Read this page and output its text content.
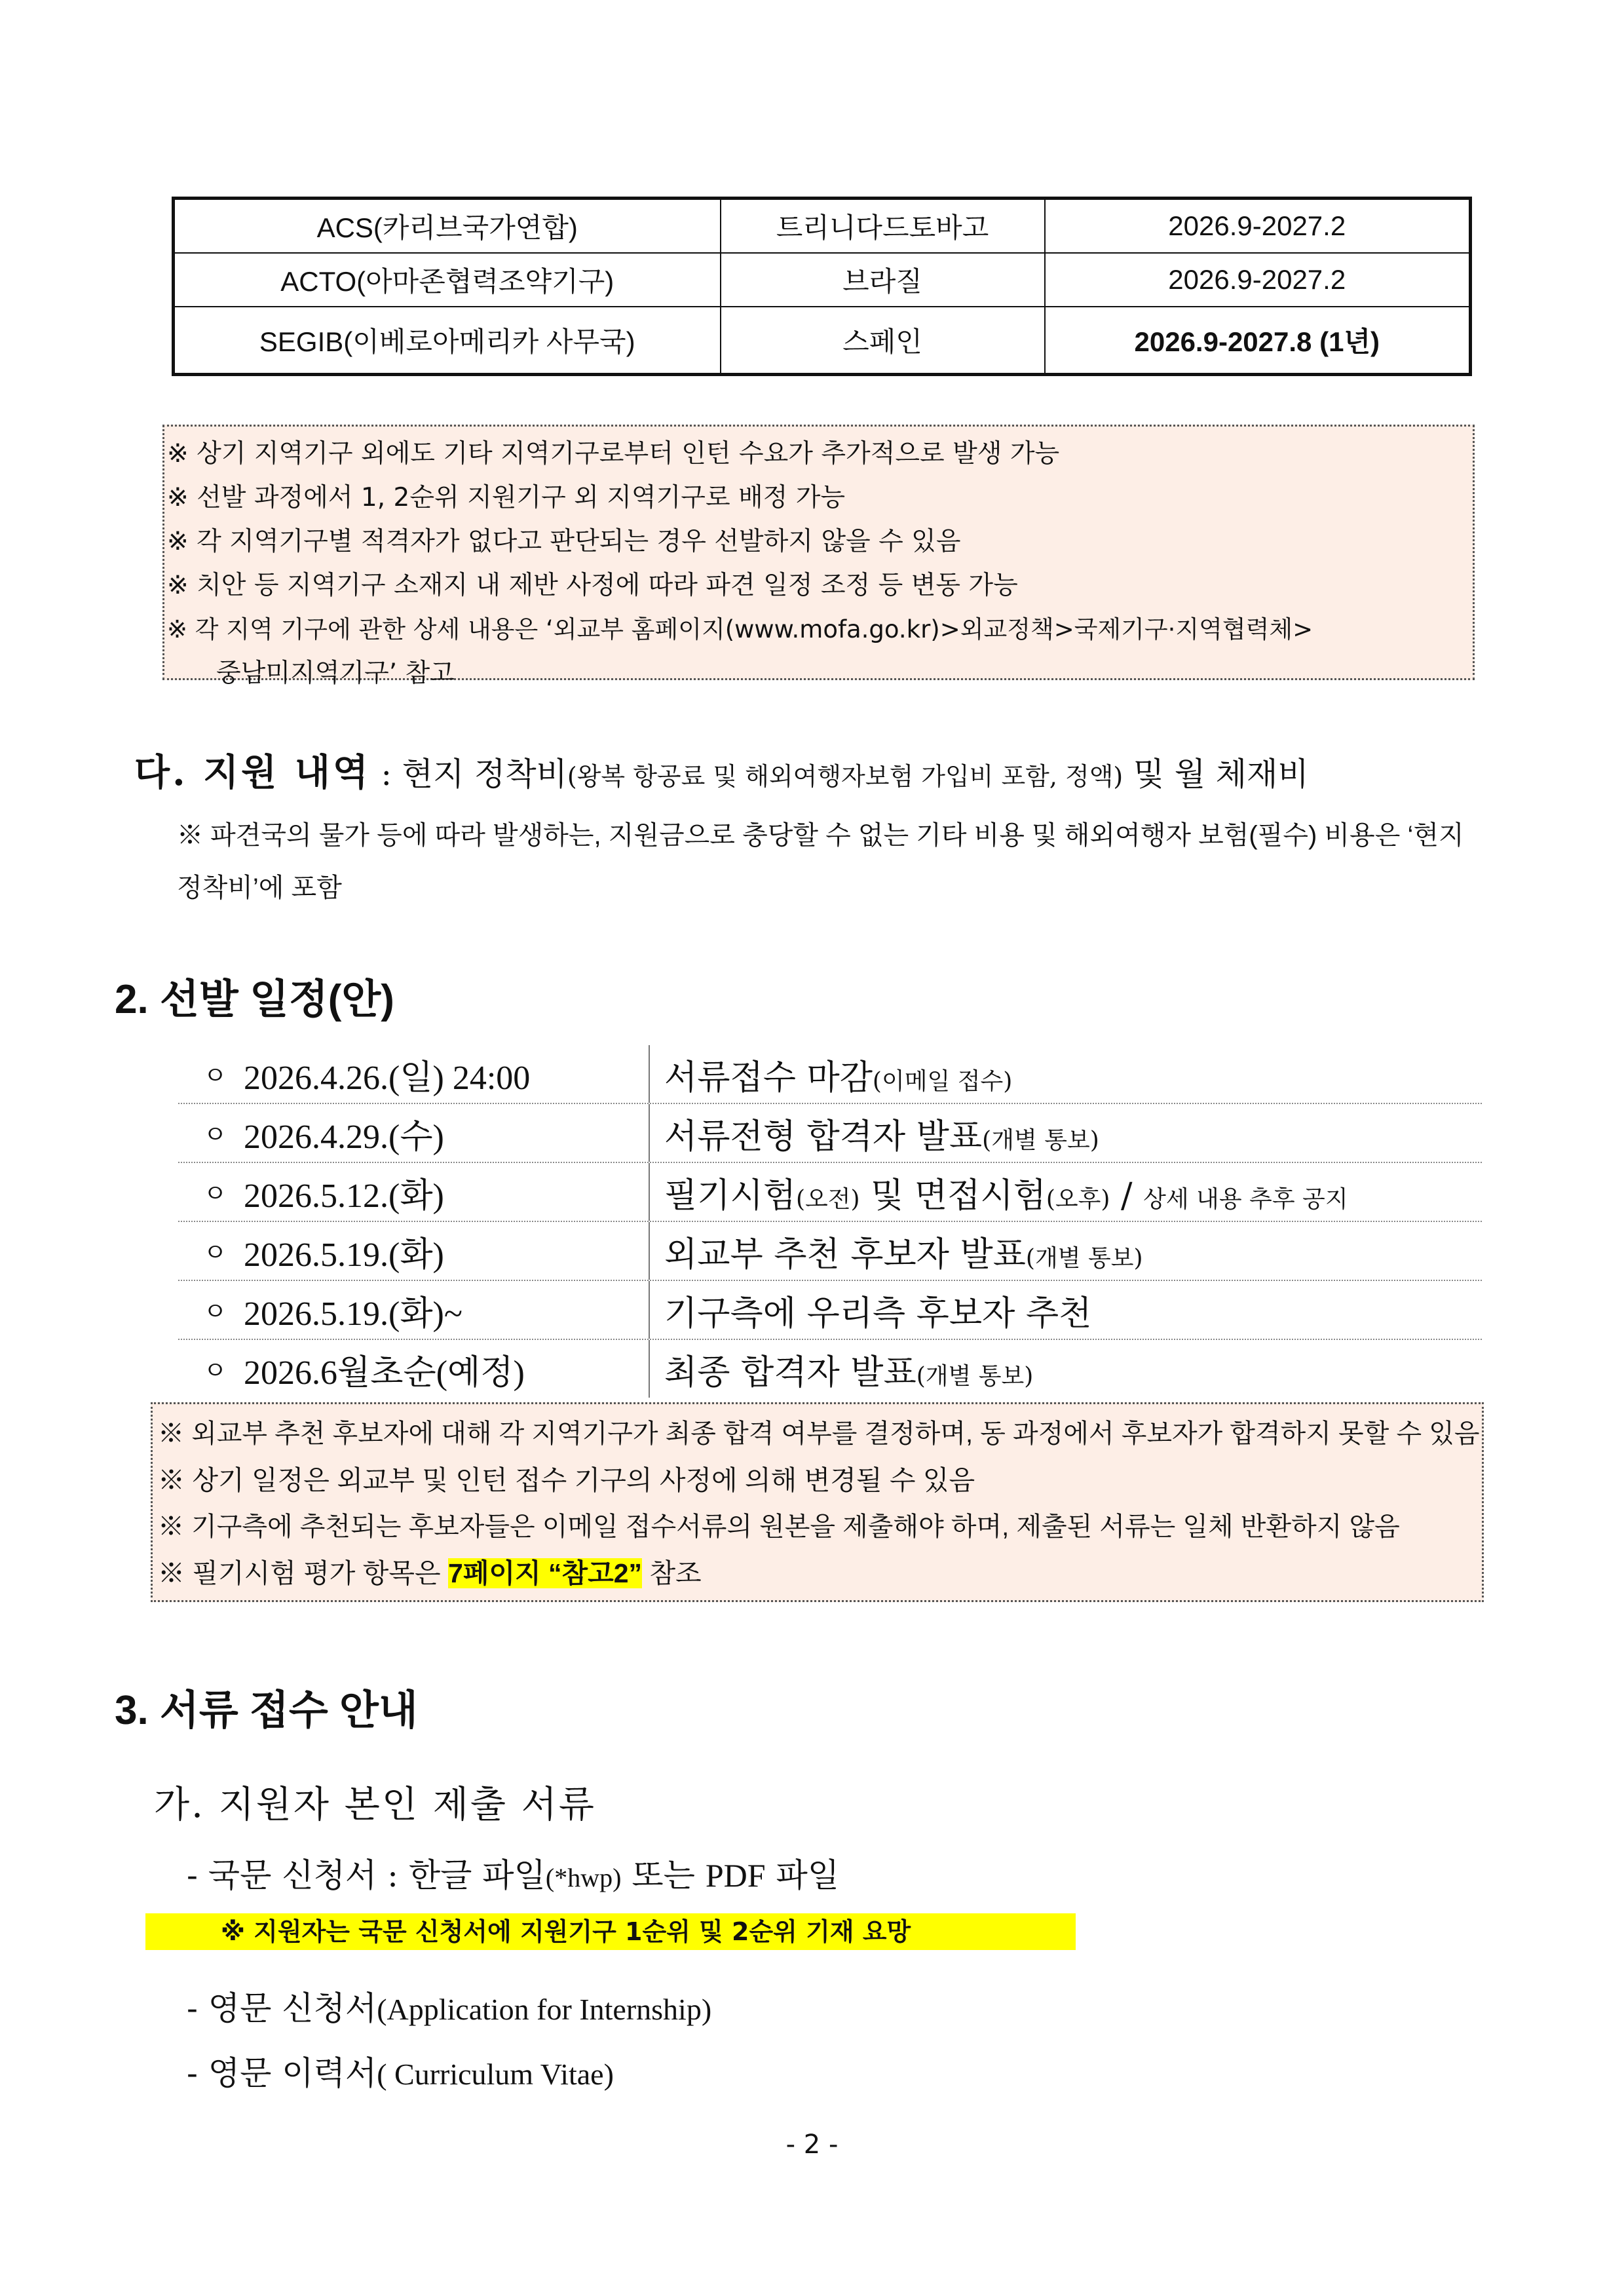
ACS(카리브국가연합)	트리니다드토바고	2026.9-2027.2
ACTO(아마존협력조약기구)	브라질	2026.9-2027.2
SEGIB(이베로아메리카 사무국)	스페인	2026.9-2027.8 (1년)

※ 상기 지역기구 외에도 기타 지역기구로부터 인턴 수요가 추가적으로 발생 가능

※ 선발 과정에서 1, 2순위 지원기구 외 지역기구로 배정 가능

※ 각 지역기구별 적격자가 없다고 판단되는 경우 선발하지 않을 수 있음

※ 치안 등 지역기구 소재지 내 제반 사정에 따라 파견 일정 조정 등 변동 가능

※ 각 지역 기구에 관한 상세 내용은 ‘외교부 홈페이지(www.mofa.go.kr)>외교정책>국제기구·지역협력체>

중남미지역기구’ 참고

다. 지원 내역 : 현지 정착비(왕복 항공료 및 해외여행자보험 가입비 포함, 정액) 및 월 체재비
※ 파견국의 물가 등에 따라 발생하는, 지원금으로 충당할 수 없는 기타 비용 및 해외여행자 보험(필수) 비용은 ‘현지 정착비’에 포함
2. 선발 일정(안)
ㅇ 2026.4.26.(일) 24:00	서류접수 마감(이메일 접수)
ㅇ 2026.4.29.(수)	서류전형 합격자 발표(개별 통보)
ㅇ 2026.5.12.(화)	필기시험(오전) 및 면접시험(오후) / 상세 내용 추후 공지
ㅇ 2026.5.19.(화)	외교부 추천 후보자 발표(개별 통보)
ㅇ 2026.5.19.(화)~	기구측에 우리측 후보자 추천
ㅇ 2026.6월초순(예정)	최종 합격자 발표(개별 통보)

※ 외교부 추천 후보자에 대해 각 지역기구가 최종 합격 여부를 결정하며, 동 과정에서 후보자가 합격하지 못할 수 있음

※ 상기 일정은 외교부 및 인턴 접수 기구의 사정에 의해 변경될 수 있음

※ 기구측에 추천되는 후보자들은 이메일 접수서류의 원본을 제출해야 하며, 제출된 서류는 일체 반환하지 않음

※ 필기시험 평가 항목은 7페이지 “참고2” 참조

3. 서류 접수 안내
가. 지원자 본인 제출 서류
- 국문 신청서 : 한글 파일(*hwp) 또는 PDF 파일
※ 지원자는 국문 신청서에 지원기구 1순위 및 2순위 기재 요망
- 영문 신청서(Application for Internship)
- 영문 이력서( Curriculum Vitae)
- 2 -
